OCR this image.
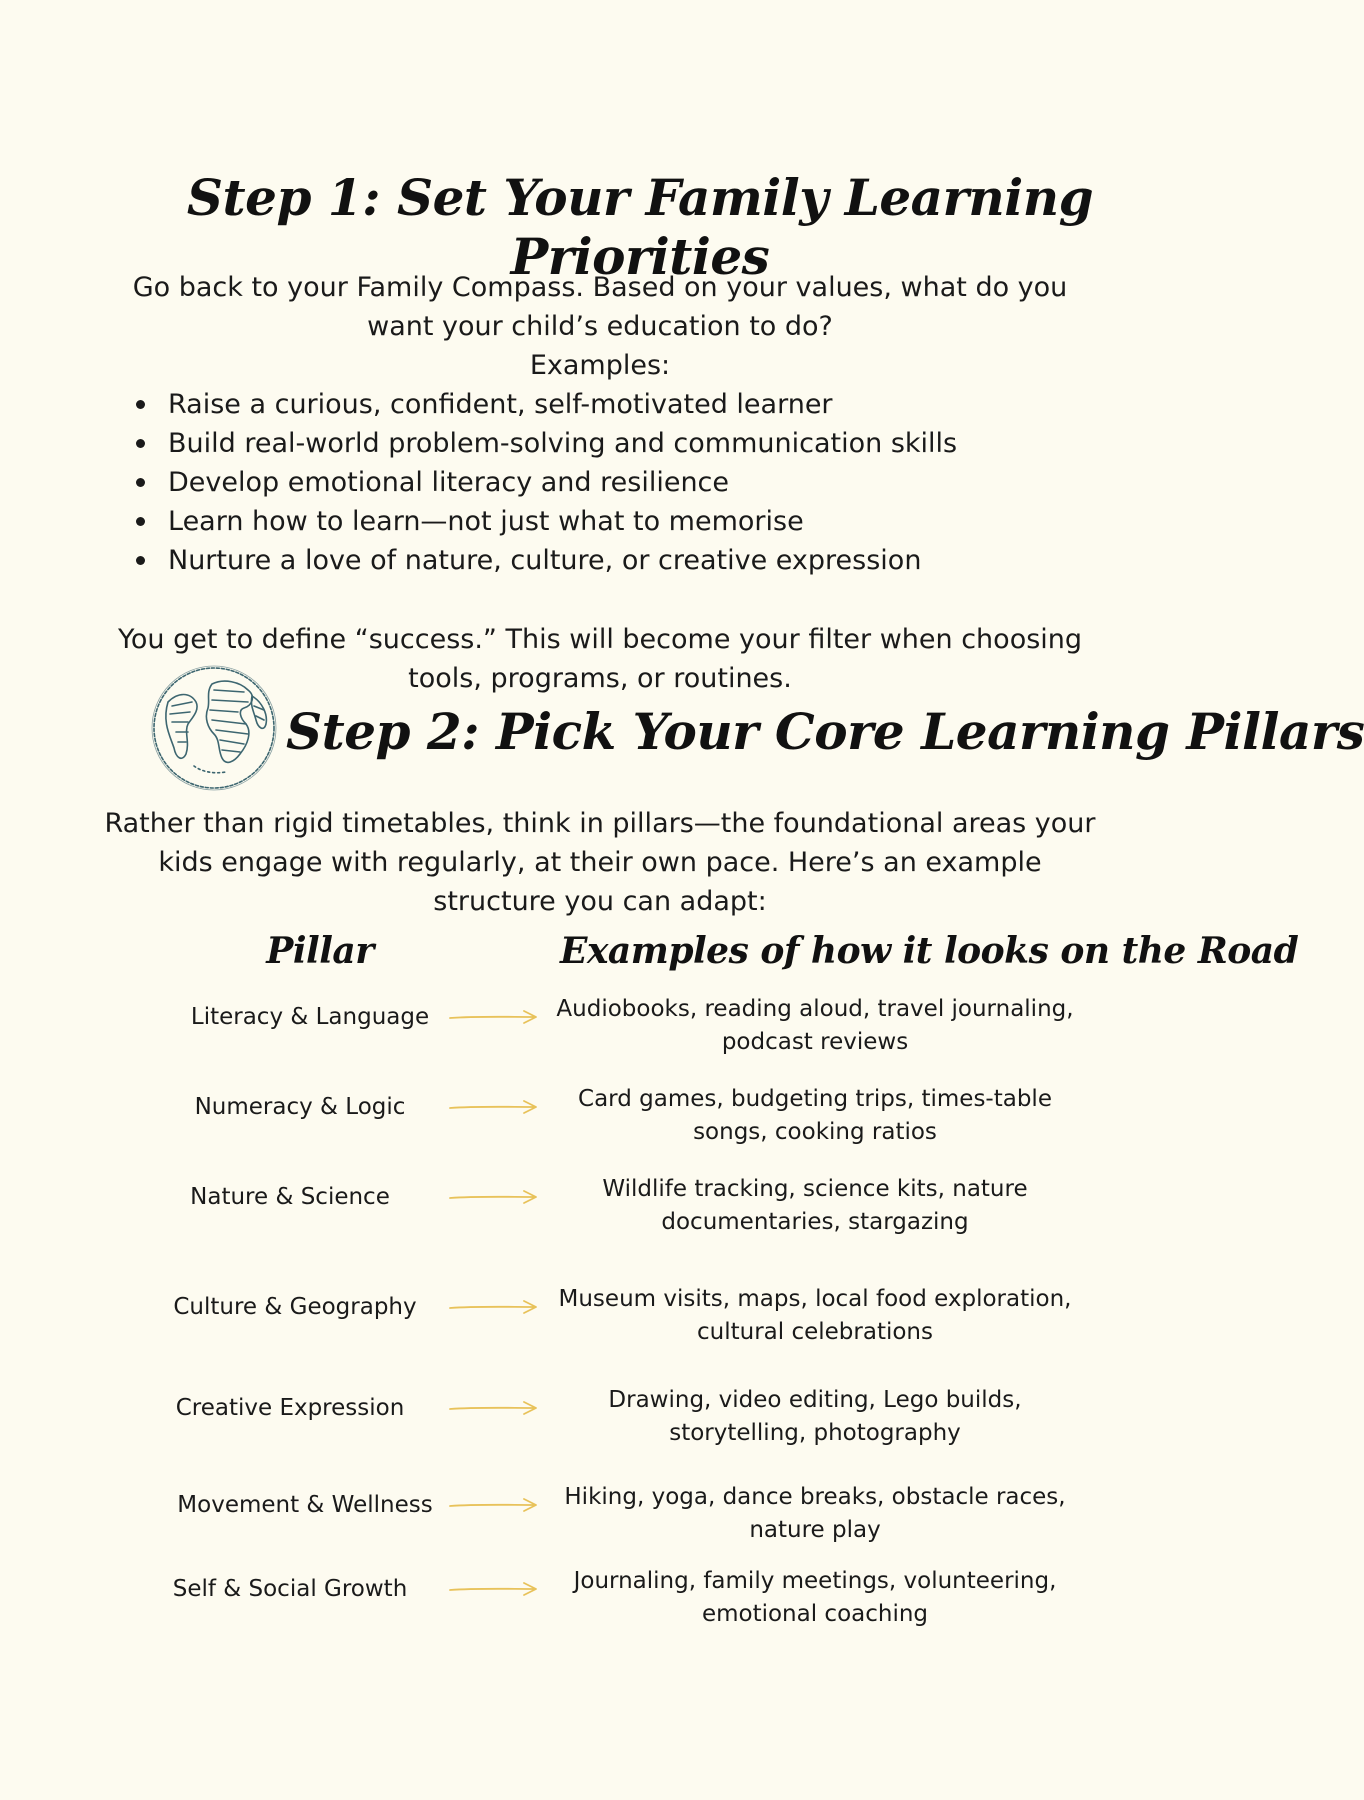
Step 1: Set Your Family Learning Priorities
Go back to your Family Compass. Based on your values, what do you want your child’s education to do?
Examples:
Raise a curious, confident, self-motivated learner
Build real-world problem-solving and communication skills
Develop emotional literacy and resilience
Learn how to learn—not just what to memorise
Nurture a love of nature, culture, or creative expression
You get to define “success.” This will become your filter when choosing tools, programs, or routines.
Step 2: Pick Your Core Learning Pillars
Rather than rigid timetables, think in pillars—the foundational areas your kids engage with regularly, at their own pace. Here’s an example structure you can adapt:
Pillar	Examples of how it looks on the Road
Literacy & Language	Audiobooks, reading aloud, travel journaling, podcast reviews
Numeracy & Logic	Card games, budgeting trips, times-table songs, cooking ratios
Nature & Science	Wildlife tracking, science kits, nature documentaries, stargazing
Culture & Geography	Museum visits, maps, local food exploration, cultural celebrations
Creative Expression	Drawing, video editing, Lego builds, storytelling, photography
Movement & Wellness	Hiking, yoga, dance breaks, obstacle races, nature play
Self & Social Growth	Journaling, family meetings, volunteering, emotional coaching
